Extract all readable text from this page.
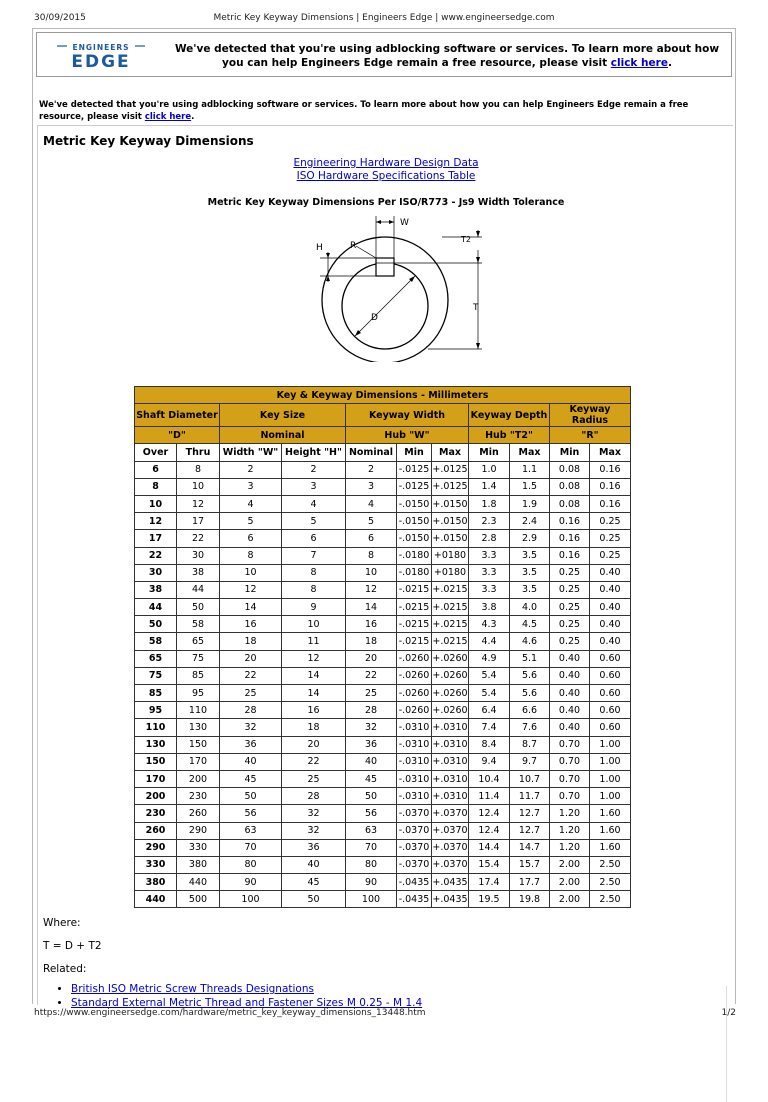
30/09/2015	Metric Key Keyway Dimensions | Engineers Edge | www.engineersedge.com
ENGINEERS
EDGE
We've detected that you're using adblocking software or services. To learn more about how you can help Engineers Edge remain a free resource, please visit click here.
We've detected that you're using adblocking software or services. To learn more about how you can help Engineers Edge remain a free resource, please visit click here.
Metric Key Keyway Dimensions
Engineering Hardware Design Data
ISO Hardware Specifications Table
Metric Key Keyway Dimensions Per ISO/R773 - Js9 Width Tolerance
W
H	R
T2
T
D
Key & Keyway Dimensions - Millimeters										
Shaft Diameter		Key Size		Keyway Width			Keyway Depth		Keyway Radius	
"D"		Nominal		Hub "W"			Hub "T2"		"R"	
Over	Thru	Width "W"	Height "H"	Nominal	Min	Max	Min	Max	Min	Max
6	8	2	2	2	-.0125	+.0125	1.0	1.1	0.08	0.16
8	10	3	3	3	-.0125	+.0125	1.4	1.5	0.08	0.16
10	12	4	4	4	-.0150	+.0150	1.8	1.9	0.08	0.16
12	17	5	5	5	-.0150	+.0150	2.3	2.4	0.16	0.25
17	22	6	6	6	-.0150	+.0150	2.8	2.9	0.16	0.25
22	30	8	7	8	-.0180	+0180	3.3	3.5	0.16	0.25
30	38	10	8	10	-.0180	+0180	3.3	3.5	0.25	0.40
38	44	12	8	12	-.0215	+.0215	3.3	3.5	0.25	0.40
44	50	14	9	14	-.0215	+.0215	3.8	4.0	0.25	0.40
50	58	16	10	16	-.0215	+.0215	4.3	4.5	0.25	0.40
58	65	18	11	18	-.0215	+.0215	4.4	4.6	0.25	0.40
65	75	20	12	20	-.0260	+.0260	4.9	5.1	0.40	0.60
75	85	22	14	22	-.0260	+.0260	5.4	5.6	0.40	0.60
85	95	25	14	25	-.0260	+.0260	5.4	5.6	0.40	0.60
95	110	28	16	28	-.0260	+.0260	6.4	6.6	0.40	0.60
110	130	32	18	32	-.0310	+.0310	7.4	7.6	0.40	0.60
130	150	36	20	36	-.0310	+.0310	8.4	8.7	0.70	1.00
150	170	40	22	40	-.0310	+.0310	9.4	9.7	0.70	1.00
170	200	45	25	45	-.0310	+.0310	10.4	10.7	0.70	1.00
200	230	50	28	50	-.0310	+.0310	11.4	11.7	0.70	1.00
230	260	56	32	56	-.0370	+.0370	12.4	12.7	1.20	1.60
260	290	63	32	63	-.0370	+.0370	12.4	12.7	1.20	1.60
290	330	70	36	70	-.0370	+.0370	14.4	14.7	1.20	1.60
330	380	80	40	80	-.0370	+.0370	15.4	15.7	2.00	2.50
380	440	90	45	90	-.0435	+.0435	17.4	17.7	2.00	2.50
440	500	100	50	100	-.0435	+.0435	19.5	19.8	2.00	2.50
Where:
T = D + T2
Related:
• British ISO Metric Screw Threads Designations
• Standard External Metric Thread and Fastener Sizes M 0.25 - M 1.4
https://www.engineersedge.com/hardware/metric_key_keyway_dimensions_13448.htm	1/2
